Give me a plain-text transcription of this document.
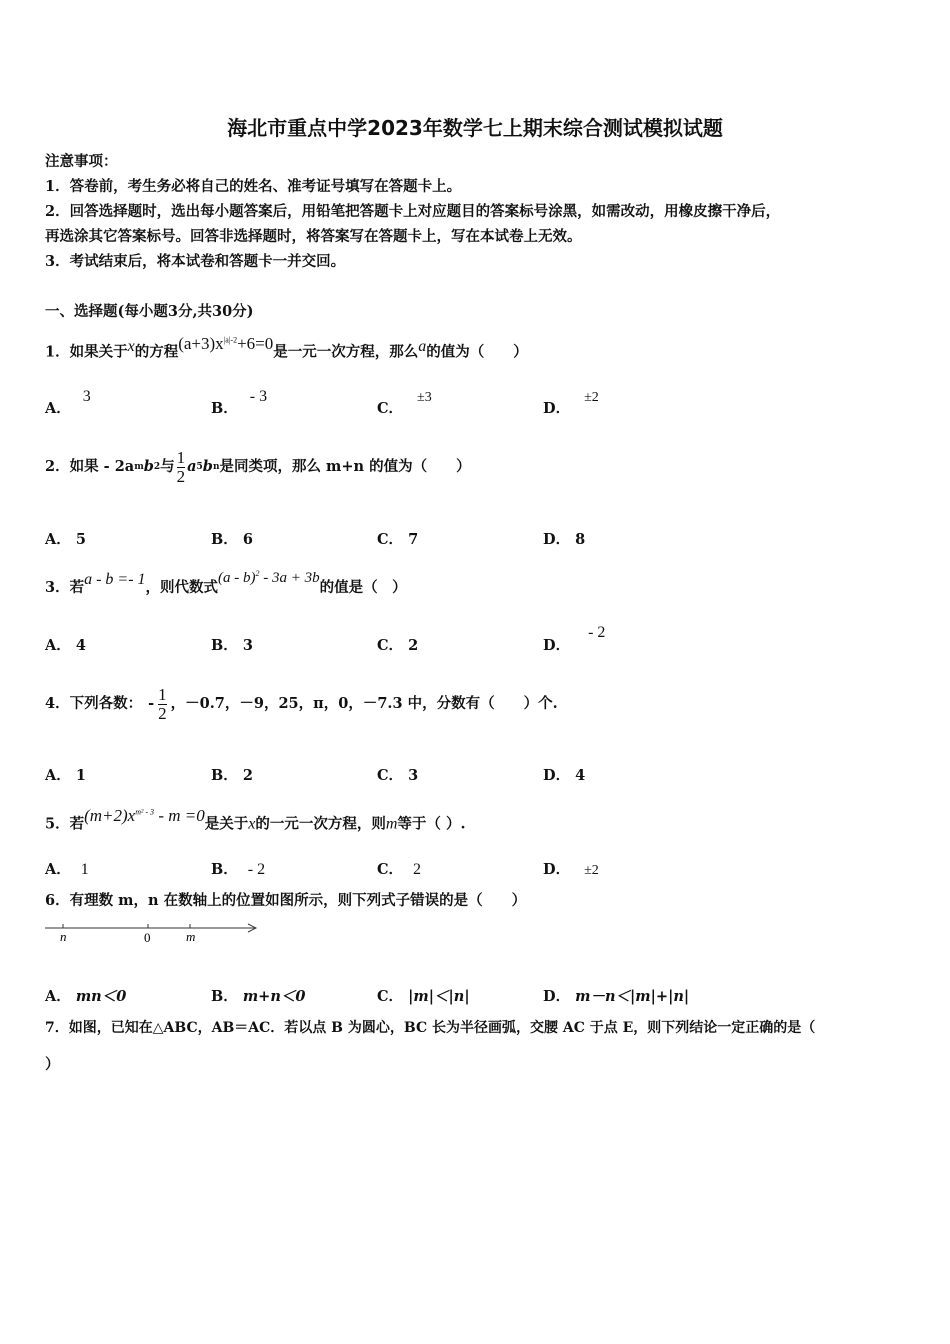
海北市重点中学2023年数学七上期末综合测试模拟试题
注意事项：
1．答卷前，考生务必将自己的姓名、准考证号填写在答题卡上。
2．回答选择题时，选出每小题答案后，用铅笔把答题卡上对应题目的答案标号涂黑，如需改动，用橡皮擦干净后，
再选涂其它答案标号。回答非选择题时，将答案写在答题卡上，写在本试卷上无效。
3．考试结束后，将本试卷和答题卡一并交回。
一、选择题(每小题3分,共30分)
1．如果关于x的方程$(a+3)x^{|a|-2}+6=0$是一元一次方程，那么a的值为（　　）
A．3
B．- 3
C．±3
D．±2
2．如果 - 2a m b 2 与 $\frac{1}{2}$ a 5 b n 是同类项，那么 m+n 的值为（　　）
A． 5	B． 6	C． 7	D． 8
3．若a - b =- 1，则代数式(a - b)$^2$ - 3a + 3b的值是（　）
A． 4	B． 3	C． 2	D．- 2
4．下列各数： - $\frac{1}{2}$ ，－0.7，－9，25，π，0，－7.3 中，分数有（　　）个.
A． 1	B． 2	C． 3	D． 4
5．若$(m+2)x^{m^2 - 3} - m =0$是关于x的一元一次方程，则m等于（ ）.
A． 1	B． - 2	C． 2	D． ±2
6．有理数 m，n 在数轴上的位置如图所示，则下列式子错误的是（　　）
n	0	m
A． mn＜0	B． m+n＜0	C． |m|＜|n|	D． m－n＜|m|+|n|
7．如图，已知在△ABC，AB＝AC．若以点 B 为圆心，BC 长为半径画弧，交腰 AC 于点 E，则下列结论一定正确的是（
）
